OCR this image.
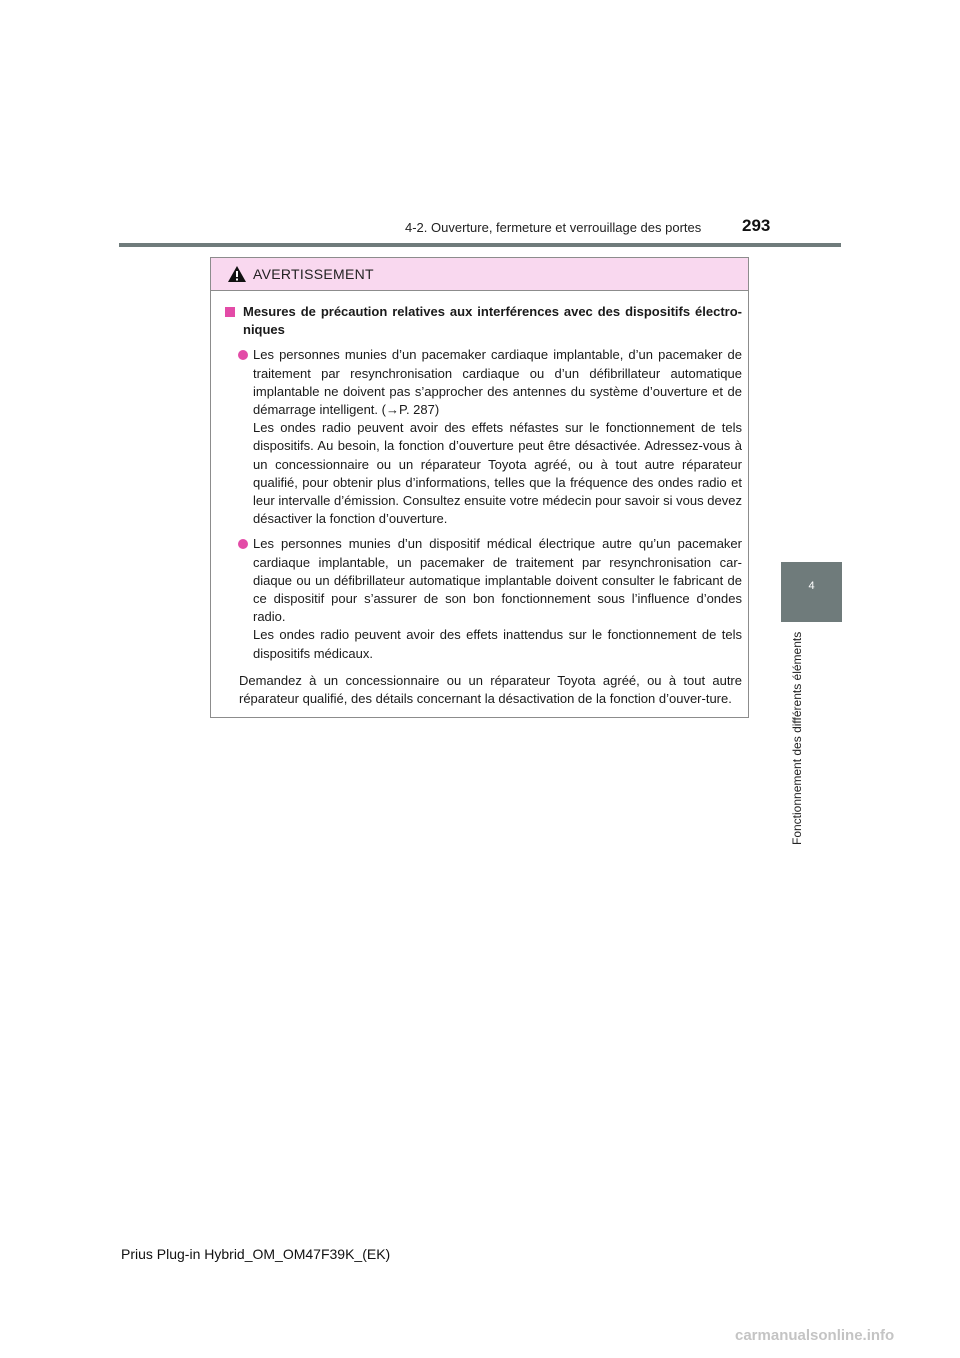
4-2. Ouverture, fermeture et verrouillage des portes 293
4
Fonctionnement des différents éléments
AVERTISSEMENT
Mesures de précaution relatives aux interférences avec des dispositifs électro-niques

Les personnes munies d’un pacemaker cardiaque implantable, d’un pacemaker de traitement par resynchronisation cardiaque ou d’un défibrillateur automatique implantable ne doivent pas s’approcher des antennes du système d’ouverture et de démarrage intelligent. (→P. 287)

Les ondes radio peuvent avoir des effets néfastes sur le fonctionnement de tels dispositifs. Au besoin, la fonction d’ouverture peut être désactivée. Adressez-vous à un concessionnaire ou un réparateur Toyota agréé, ou à tout autre réparateur qualifié, pour obtenir plus d’informations, telles que la fréquence des ondes radio et leur intervalle d’émission. Consultez ensuite votre médecin pour savoir si vous devez désactiver la fonction d’ouverture.

Les personnes munies d’un dispositif médical électrique autre qu’un pacemaker cardiaque implantable, un pacemaker de traitement par resynchronisation car-diaque ou un défibrillateur automatique implantable doivent consulter le fabricant de ce dispositif pour s’assurer de son bon fonctionnement sous l’influence d’ondes radio.

Les ondes radio peuvent avoir des effets inattendus sur le fonctionnement de tels dispositifs médicaux.

Demandez à un concessionnaire ou un réparateur Toyota agréé, ou à tout autre réparateur qualifié, des détails concernant la désactivation de la fonction d’ouver-ture.

Prius Plug-in Hybrid_OM_OM47F39K_(EK)
carmanualsonline.info
